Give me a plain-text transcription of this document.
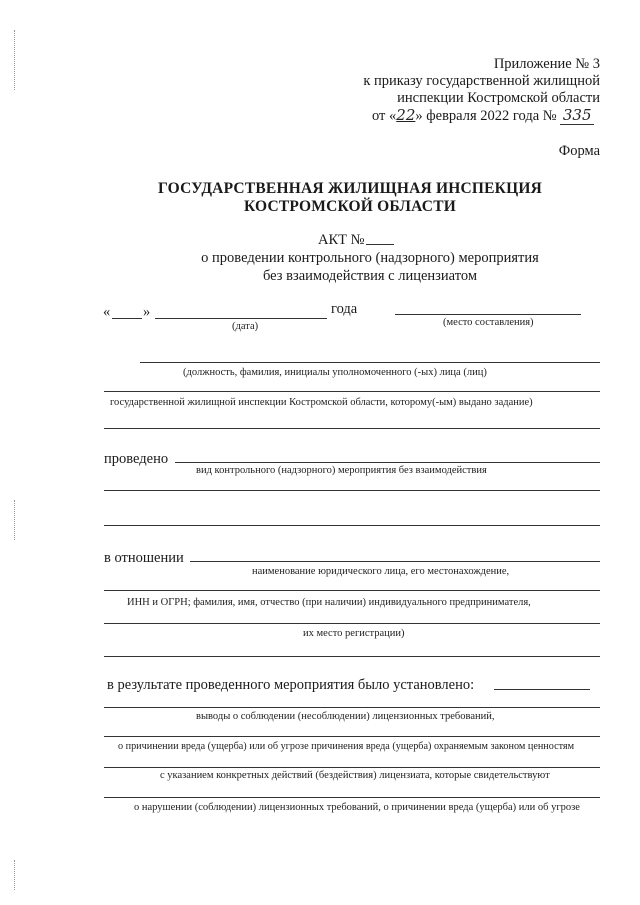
Приложение № 3
к приказу государственной жилищной
инспекции Костромской области
от «22» февраля 2022 года № 335
Форма
ГОСУДАРСТВЕННАЯ ЖИЛИЩНАЯ ИНСПЕКЦИЯ
КОСТРОМСКОЙ ОБЛАСТИ
АКТ №
о проведении контрольного (надзорного) мероприятия
без взаимодействия с лицензиатом
« »	года
(дата)	(место составления)
(должность, фамилия, инициалы уполномоченного (-ых) лица (лиц)
государственной жилищной инспекции Костромской области, которому(-ым) выдано задание)
проведено
вид контрольного (надзорного) мероприятия без взаимодействия
в отношении
наименование юридического лица, его местонахождение,
ИНН и ОГРН; фамилия, имя, отчество (при наличии) индивидуального предпринимателя,
их место регистрации)
в результате проведенного мероприятия было установлено:
выводы о соблюдении (несоблюдении) лицензионных требований,
о причинении вреда (ущерба) или об угрозе причинения вреда (ущерба) охраняемым законом ценностям
с указанием конкретных действий (бездействия) лицензиата, которые свидетельствуют
о нарушении (соблюдении) лицензионных требований, о причинении вреда (ущерба) или об угрозе
